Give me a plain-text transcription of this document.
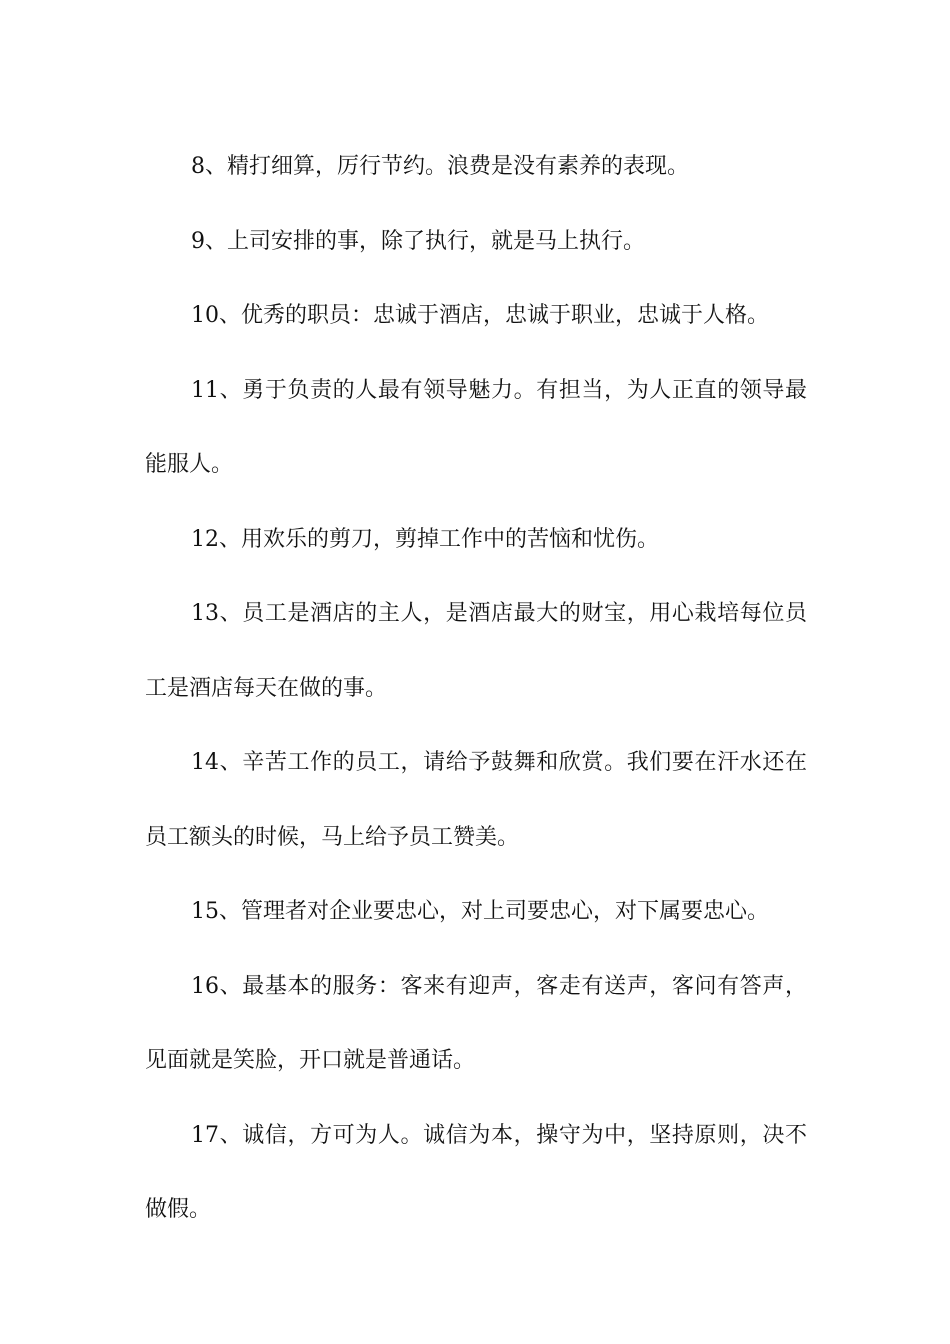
8、精打细算，厉行节约。浪费是没有素养的表现。

9、上司安排的事，除了执行，就是马上执行。

10、优秀的职员：忠诚于酒店，忠诚于职业，忠诚于人格。

11、勇于负责的人最有领导魅力。有担当，为人正直的领导最能服人。

12、用欢乐的剪刀，剪掉工作中的苦恼和忧伤。

13、员工是酒店的主人，是酒店最大的财宝，用心栽培每位员工是酒店每天在做的事。

14、辛苦工作的员工，请给予鼓舞和欣赏。我们要在汗水还在员工额头的时候，马上给予员工赞美。

15、管理者对企业要忠心，对上司要忠心，对下属要忠心。

16、最基本的服务：客来有迎声，客走有送声，客问有答声，见面就是笑脸，开口就是普通话。

17、诚信，方可为人。诚信为本，操守为中，坚持原则，决不做假。
